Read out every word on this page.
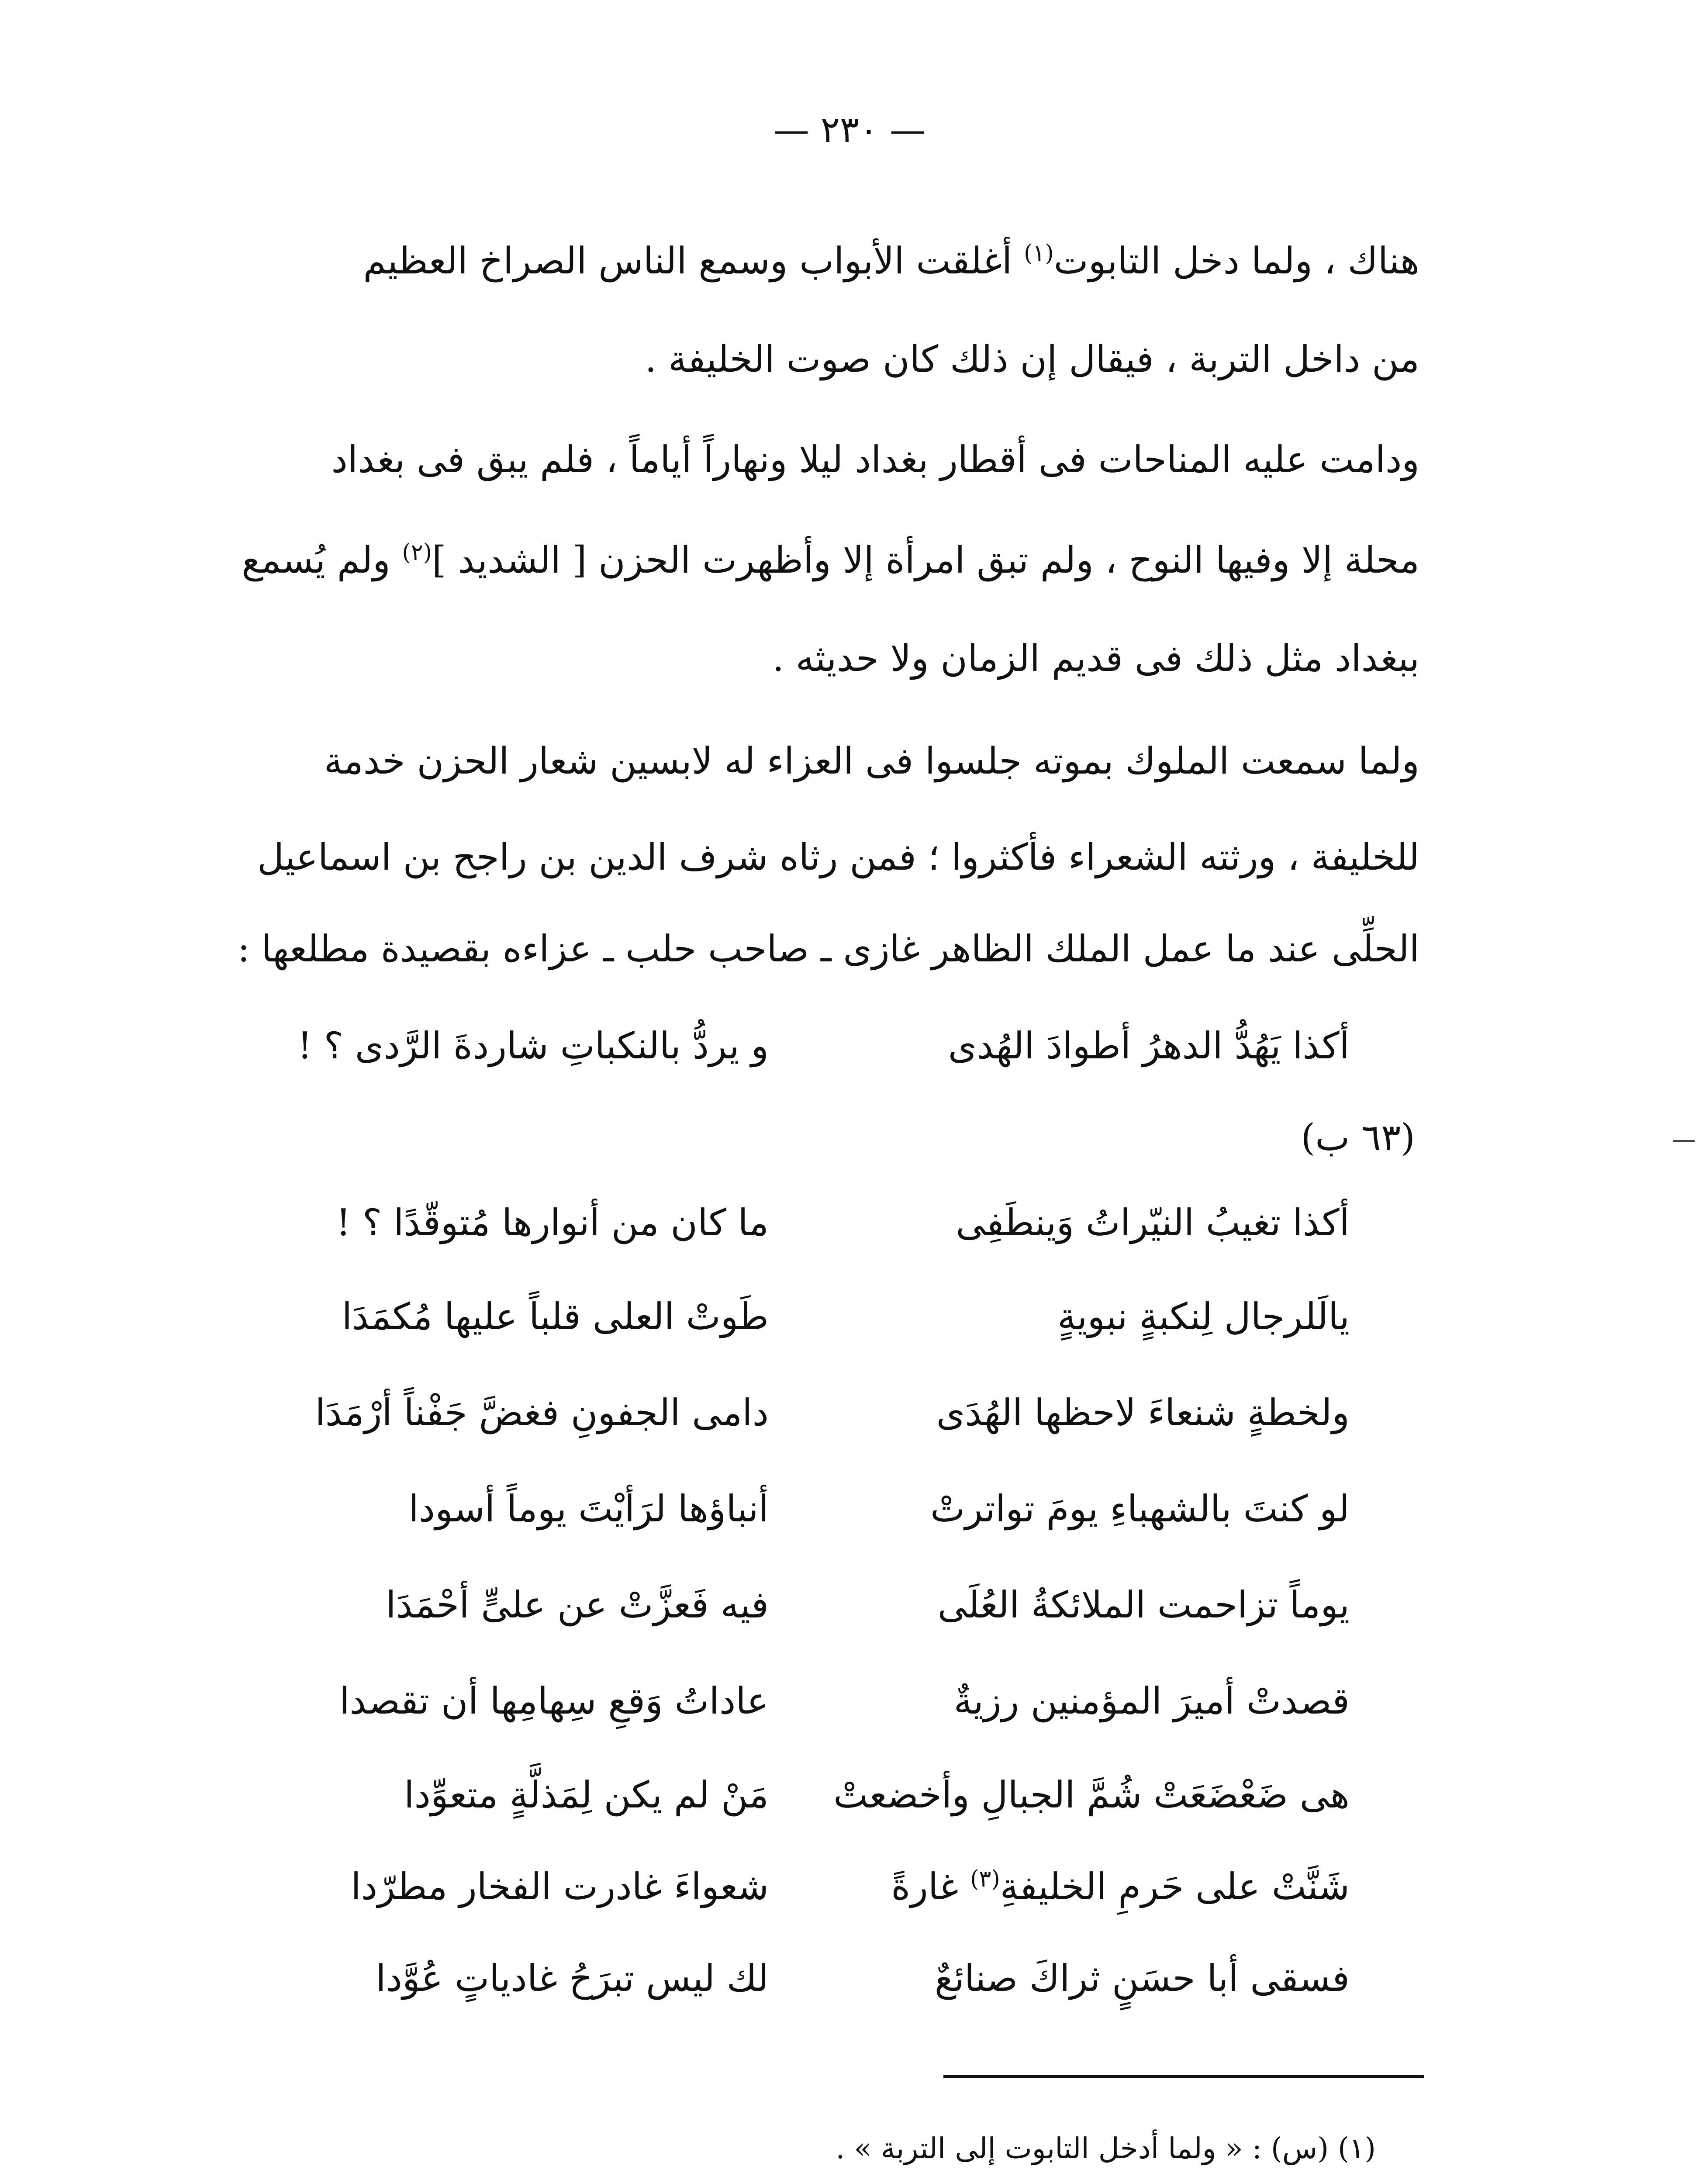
— ٢٣٠ —
هناك ، ولما دخل التابوت$^{(١)}$ أغلقت الأبواب وسمع الناس الصراخ العظيم
من داخل التربة ، فيقال إن ذلك كان صوت الخليفة .
ودامت عليه المناحات فى أقطار بغداد ليلا ونهاراً أياماً ، فلم يبق فى بغداد
محلة إلا وفيها النوح ، ولم تبق امرأة إلا وأظهرت الحزن [ الشديد ]$^{(٢)}$ ولم يُسمع
ببغداد مثل ذلك فى قديم الزمان ولا حديثه .
ولما سمعت الملوك بموته جلسوا فى العزاء له لابسين شعار الحزن خدمة
للخليفة ، ورثته الشعراء فأكثروا ؛ فمن رثاه شرف الدين بن راجح بن اسماعيل
الحلِّى عند ما عمل الملك الظاهر غازى ـ صاحب حلب ـ عزاءه بقصيدة مطلعها :
أكذا يَهُدُّ الدهرُ أطوادَ الهُدى
و يردُّ بالنكباتِ شاردةَ الرَّدى ؟ !
(٦٣ ب)
أكذا تغيبُ النيّراتُ وَينطَفِى
ما كان من أنوارها مُتوقّدًا ؟ !
يالَلرجال لِنكبةٍ نبويةٍ
طَوتْ العلى قلباً عليها مُكمَدَا
ولخطةٍ شنعاءَ لاحظها الهُدَى
دامى الجفونِ فغضَّ جَفْناً أرْمَدَا
لو كنتَ بالشهباءِ يومَ تواترتْ
أنباؤها لرَأيْتَ يوماً أسودا
يوماً تزاحمت الملائكةُ العُلَى
فيه فَعزَّتْ عن علىٍّ أحْمَدَا
قصدتْ أميرَ المؤمنين رزيةٌ
عاداتُ وَقعِ سِهامِها أن تقصدا
هى ضَعْضَعَتْ شُمَّ الجبالِ وأخضعتْ
مَنْ لم يكن لِمَذلَّةٍ متعوِّدا
شَنَّتْ على حَرمِ الخليفةِ$^{(٣)}$ غارةً
شعواءَ غادرت الفخار مطرّدا
فسقى أبا حسَنٍ ثراكَ صنائعٌ
لك ليس تبرَحُ غادياتٍ عُوَّدا
(١) (س) : « ولما أدخل التابوت إلى التربة » .
